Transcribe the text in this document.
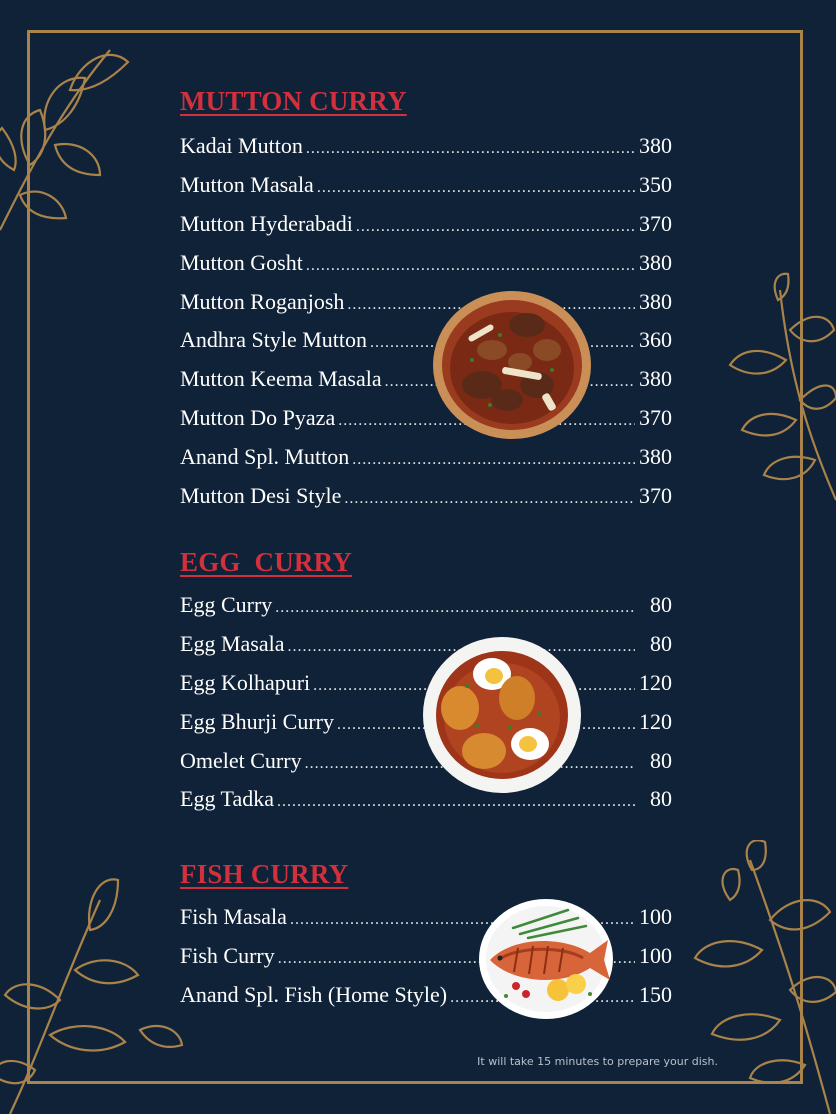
MUTTON CURRY
Kadai Mutton .....	380
Mutton Masala .....	350
Mutton Hyderabadi .....	370
Mutton Gosht .....	380
Mutton Roganjosh .....	380
Andhra Style Mutton .....	360
Mutton Keema Masala .....	380
Mutton Do Pyaza .....	370
Anand Spl. Mutton .....	380
Mutton Desi Style .....	370
EGG  CURRY
Egg Curry .....	80
Egg Masala .....	80
Egg Kolhapuri .....	120
Egg Bhurji Curry .....	120
Omelet Curry .....	80
Egg Tadka .....	80
FISH CURRY
Fish Masala .....	100
Fish Curry .....	100
Anand Spl. Fish (Home Style) .....	150
It will take 15 minutes to prepare your dish.
